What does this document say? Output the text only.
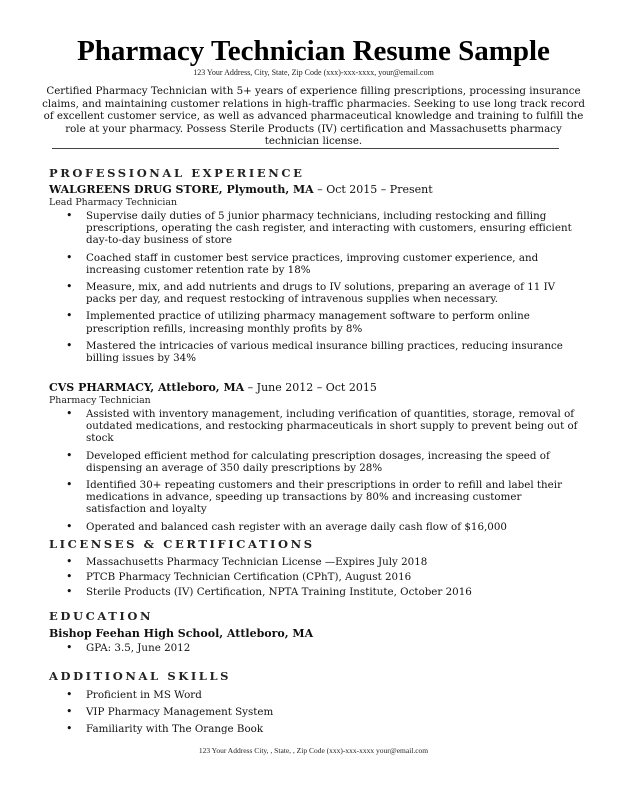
Pharmacy Technician Resume Sample
123 Your Address, City, State, Zip Code (xxx)-xxx-xxxx, your@email.com
Certified Pharmacy Technician with 5+ years of experience filling prescriptions, processing insurance claims, and maintaining customer relations in high-traffic pharmacies. Seeking to use long track record of excellent customer service, as well as advanced pharmaceutical knowledge and training to fulfill the role at your pharmacy. Possess Sterile Products (IV) certification and Massachusetts pharmacy technician license.
PROFESSIONAL EXPERIENCE
WALGREENS DRUG STORE, Plymouth, MA – Oct 2015 – Present
Lead Pharmacy Technician
• Supervise daily duties of 5 junior pharmacy technicians, including restocking and filling prescriptions, operating the cash register, and interacting with customers, ensuring efficient day-to-day business of store
• Coached staff in customer best service practices, improving customer experience, and increasing customer retention rate by 18%
• Measure, mix, and add nutrients and drugs to IV solutions, preparing an average of 11 IV packs per day, and request restocking of intravenous supplies when necessary.
• Implemented practice of utilizing pharmacy management software to perform online prescription refills, increasing monthly profits by 8%
• Mastered the intricacies of various medical insurance billing practices, reducing insurance billing issues by 34%
CVS PHARMACY, Attleboro, MA – June 2012 – Oct 2015
Pharmacy Technician
• Assisted with inventory management, including verification of quantities, storage, removal of outdated medications, and restocking pharmaceuticals in short supply to prevent being out of stock
• Developed efficient method for calculating prescription dosages, increasing the speed of dispensing an average of 350 daily prescriptions by 28%
• Identified 30+ repeating customers and their prescriptions in order to refill and label their medications in advance, speeding up transactions by 80% and increasing customer satisfaction and loyalty
• Operated and balanced cash register with an average daily cash flow of $16,000
LICENSES & CERTIFICATIONS
• Massachusetts Pharmacy Technician License —Expires July 2018
• PTCB Pharmacy Technician Certification (CPhT), August 2016
• Sterile Products (IV) Certification, NPTA Training Institute, October 2016
EDUCATION
Bishop Feehan High School, Attleboro, MA
• GPA: 3.5, June 2012
ADDITIONAL SKILLS
• Proficient in MS Word
• VIP Pharmacy Management System
• Familiarity with The Orange Book
123 Your Address City, , State, , Zip Code (xxx)-xxx-xxxx your@email.com
